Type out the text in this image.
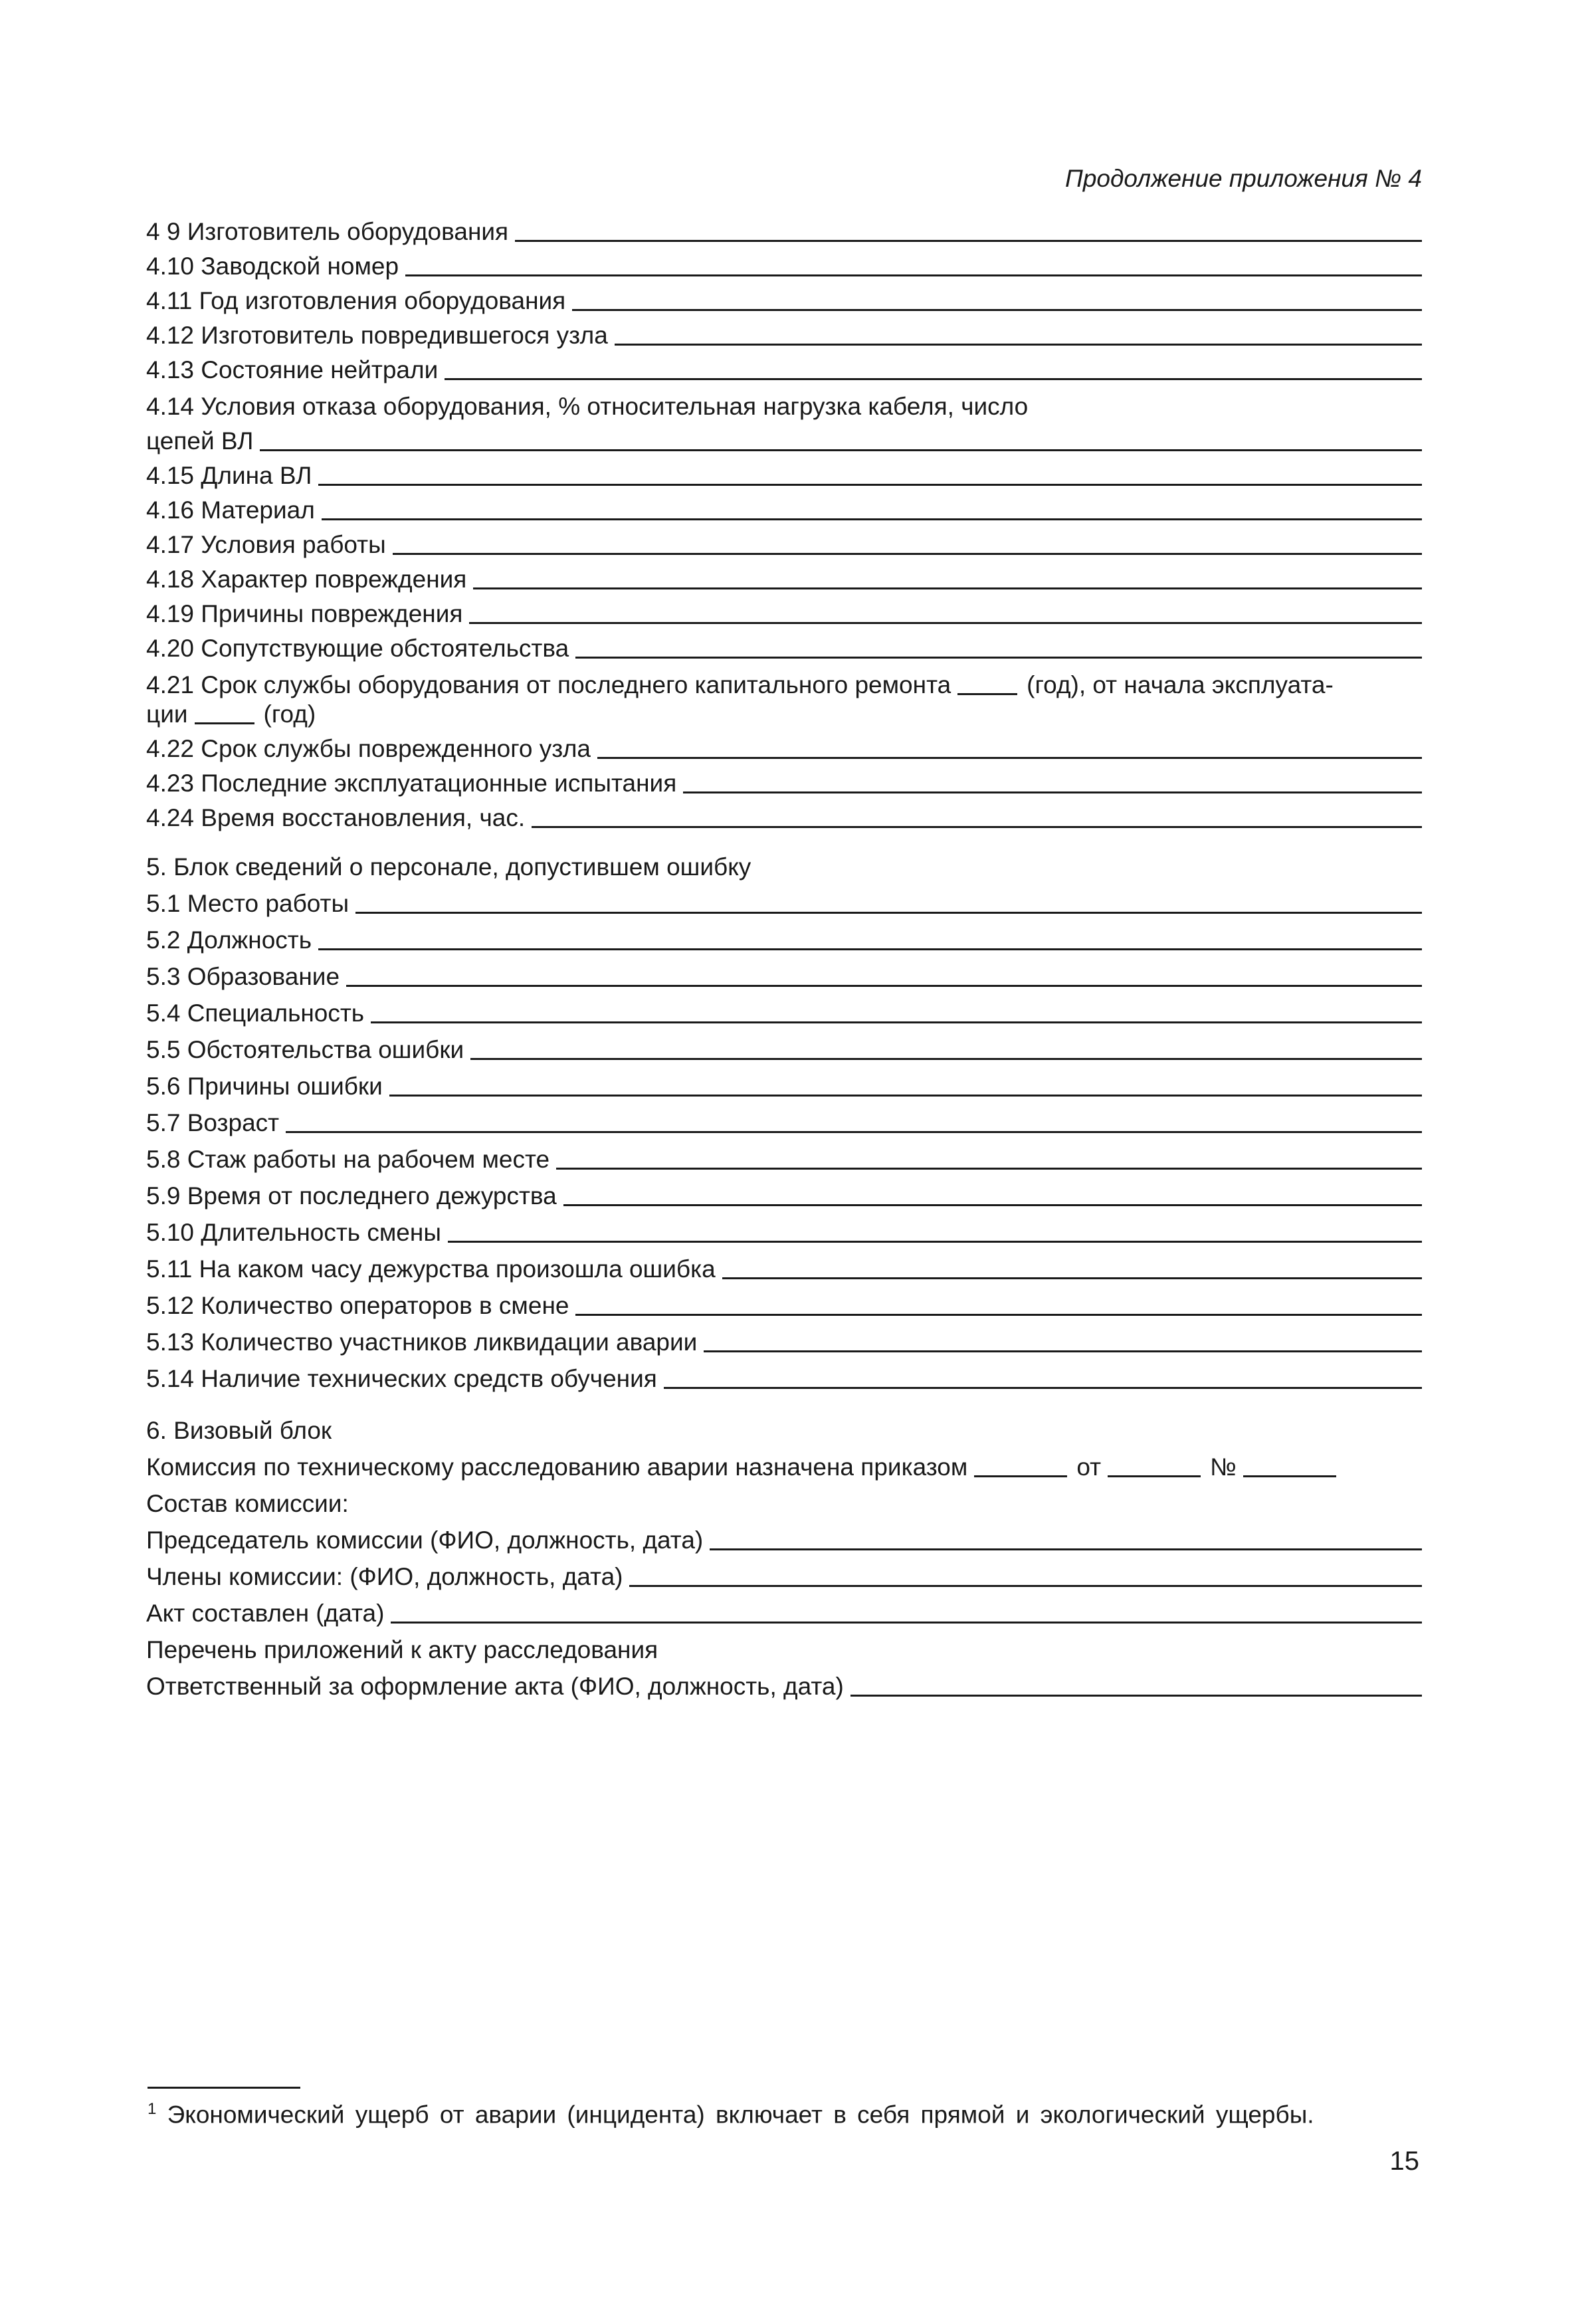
Продолжение приложения № 4
4 9 Изготовитель оборудования
4.10 Заводской номер
4.11 Год изготовления оборудования
4.12 Изготовитель повредившегося узла
4.13 Состояние нейтрали
4.14 Условия отказа оборудования, % относительная нагрузка кабеля, число
цепей ВЛ
4.15 Длина ВЛ
4.16 Материал
4.17 Условия работы
4.18 Характер повреждения
4.19 Причины повреждения
4.20 Сопутствующие обстоятельства
4.21 Срок службы оборудования от последнего капитального ремонта	(год), от начала эксплуата-
ции	(год)
4.22 Срок службы поврежденного узла
4.23 Последние эксплуатационные испытания
4.24 Время восстановления, час.
5. Блок сведений о персонале, допустившем ошибку
5.1 Место работы
5.2 Должность
5.3 Образование
5.4 Специальность
5.5 Обстоятельства ошибки
5.6 Причины ошибки
5.7 Возраст
5.8 Стаж работы на рабочем месте
5.9 Время от последнего дежурства
5.10 Длительность смены
5.11 На каком часу дежурства произошла ошибка
5.12 Количество операторов в смене
5.13 Количество участников ликвидации аварии
5.14 Наличие технических средств обучения
6. Визовый блок
Комиссия по техническому расследованию аварии назначена приказом	от	№
Состав комиссии:
Председатель комиссии (ФИО, должность, дата)
Члены комиссии: (ФИО, должность, дата)
Акт составлен (дата)
Перечень приложений к акту расследования
Ответственный за оформление акта (ФИО, должность, дата)
$^1$ Экономический ущерб от аварии (инцидента) включает в себя прямой и экологический ущербы.
15
